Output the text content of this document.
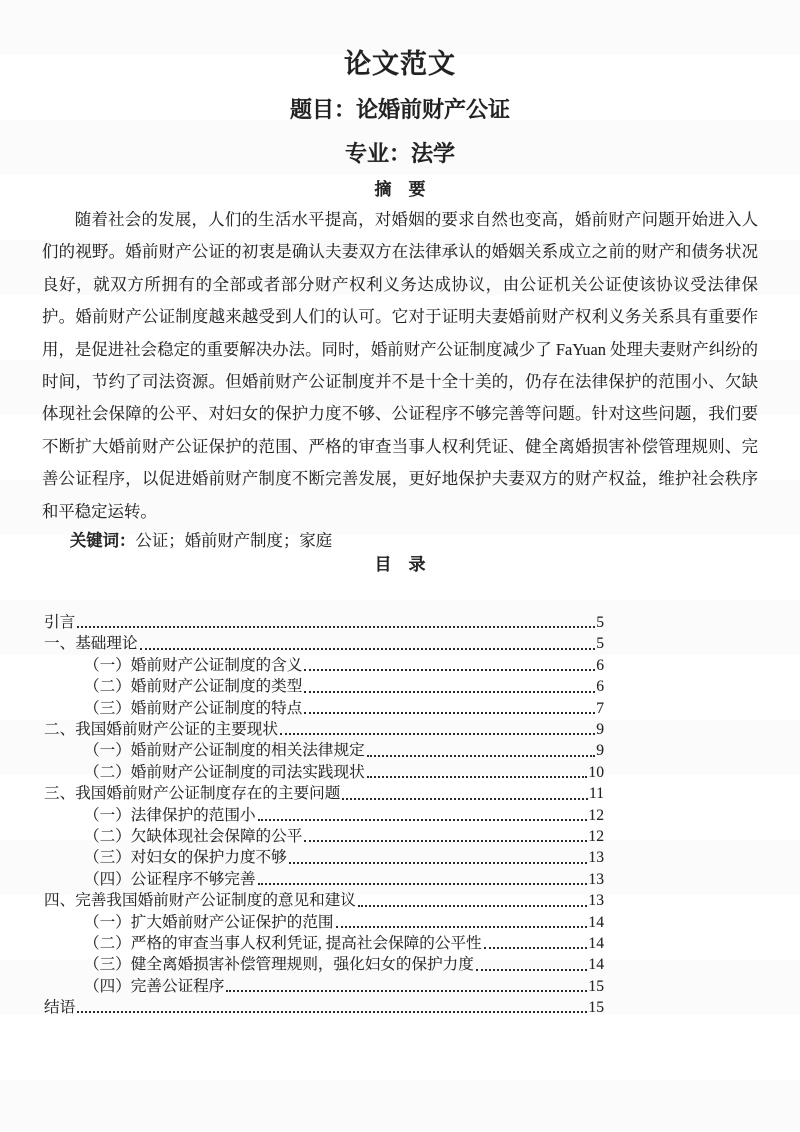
论文范文
题目：论婚前财产公证
专业：法学
摘　要

随着社会的发展，人们的生活水平提高，对婚姻的要求自然也变高，婚前财产问题开始进入人们的视野。婚前财产公证的初衷是确认夫妻双方在法律承认的婚姻关系成立之前的财产和债务状况良好，就双方所拥有的全部或者部分财产权利义务达成协议，由公证机关公证使该协议受法律保护。婚前财产公证制度越来越受到人们的认可。它对于证明夫妻婚前财产权利义务关系具有重要作用，是促进社会稳定的重要解决办法。同时，婚前财产公证制度减少了 FaYuan 处理夫妻财产纠纷的时间，节约了司法资源。但婚前财产公证制度并不是十全十美的，仍存在法律保护的范围小、欠缺体现社会保障的公平、对妇女的保护力度不够、公证程序不够完善等问题。针对这些问题，我们要不断扩大婚前财产公证保护的范围、严格的审查当事人权利凭证、健全离婚损害补偿管理规则、完善公证程序，以促进婚前财产制度不断完善发展，更好地保护夫妻双方的财产权益，维护社会秩序和平稳定运转。

关键词：公证；婚前财产制度；家庭

目　录
引言	5
一、基础理论	5
（一）婚前财产公证制度的含义	6
（二）婚前财产公证制度的类型	6
（三）婚前财产公证制度的特点	7
二、我国婚前财产公证的主要现状	9
（一）婚前财产公证制度的相关法律规定	9
（二）婚前财产公证制度的司法实践现状	10
三、我国婚前财产公证制度存在的主要问题	11
（一）法律保护的范围小	12
（二）欠缺体现社会保障的公平	12
（三）对妇女的保护力度不够	13
（四）公证程序不够完善	13
四、完善我国婚前财产公证制度的意见和建议	13
（一）扩大婚前财产公证保护的范围	14
（二）严格的审查当事人权利凭证, 提高社会保障的公平性	14
（三）健全离婚损害补偿管理规则，强化妇女的保护力度	14
（四）完善公证程序	15
结语	15
